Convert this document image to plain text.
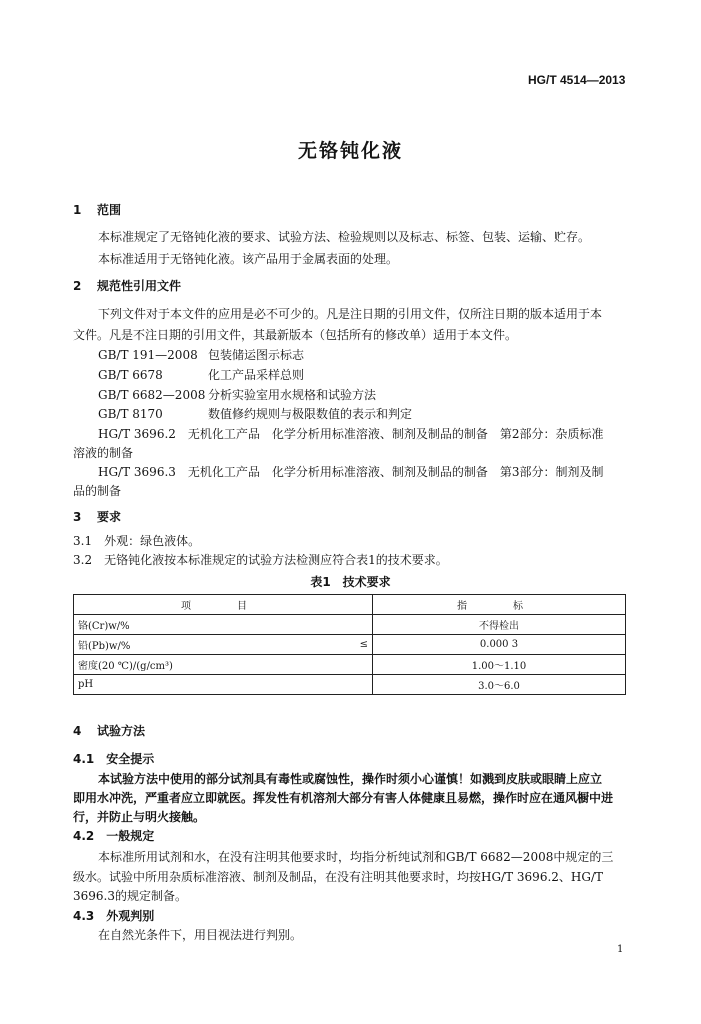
HG/T 4514—2013
无铬钝化液
1 范围
本标准规定了无铬钝化液的要求、试验方法、检验规则以及标志、标签、包装、运输、贮存。
本标准适用于无铬钝化液。该产品用于金属表面的处理。
2 规范性引用文件
下列文件对于本文件的应用是必不可少的。凡是注日期的引用文件，仅所注日期的版本适用于本
文件。凡是不注日期的引用文件，其最新版本（包括所有的修改单）适用于本文件。
GB/T 191—2008 包装储运图示标志
GB/T 6678	化工产品采样总则
GB/T 6682—2008 分析实验室用水规格和试验方法
GB/T 8170	数值修约规则与极限数值的表示和判定
HG/T 3696.2　无机化工产品　化学分析用标准溶液、制剂及制品的制备　第2部分：杂质标准
溶液的制备
HG/T 3696.3　无机化工产品　化学分析用标准溶液、制剂及制品的制备　第3部分：制剂及制
品的制备
3 要求
3.1　外观：绿色液体。
3.2　无铬钝化液按本标准规定的试验方法检测应符合表1的技术要求。
表1　技术要求
项　目	指　标

铬(Cr)w/%	不得检出

铅(Pb)w/% ≤	0.000 3

密度(20 ℃)/(g/cm³)	1.00～1.10

pH	3.0～6.0
4 试验方法
4.1　安全提示
本试验方法中使用的部分试剂具有毒性或腐蚀性，操作时须小心谨慎！如溅到皮肤或眼睛上应立
即用水冲洗，严重者应立即就医。挥发性有机溶剂大部分有害人体健康且易燃，操作时应在通风橱中进
行，并防止与明火接触。
4.2　一般规定
本标准所用试剂和水，在没有注明其他要求时，均指分析纯试剂和GB/T 6682—2008中规定的三
级水。试验中所用杂质标准溶液、制剂及制品，在没有注明其他要求时，均按HG/T 3696.2、HG/T
3696.3的规定制备。
4.3　外观判别
在自然光条件下，用目视法进行判别。
1
